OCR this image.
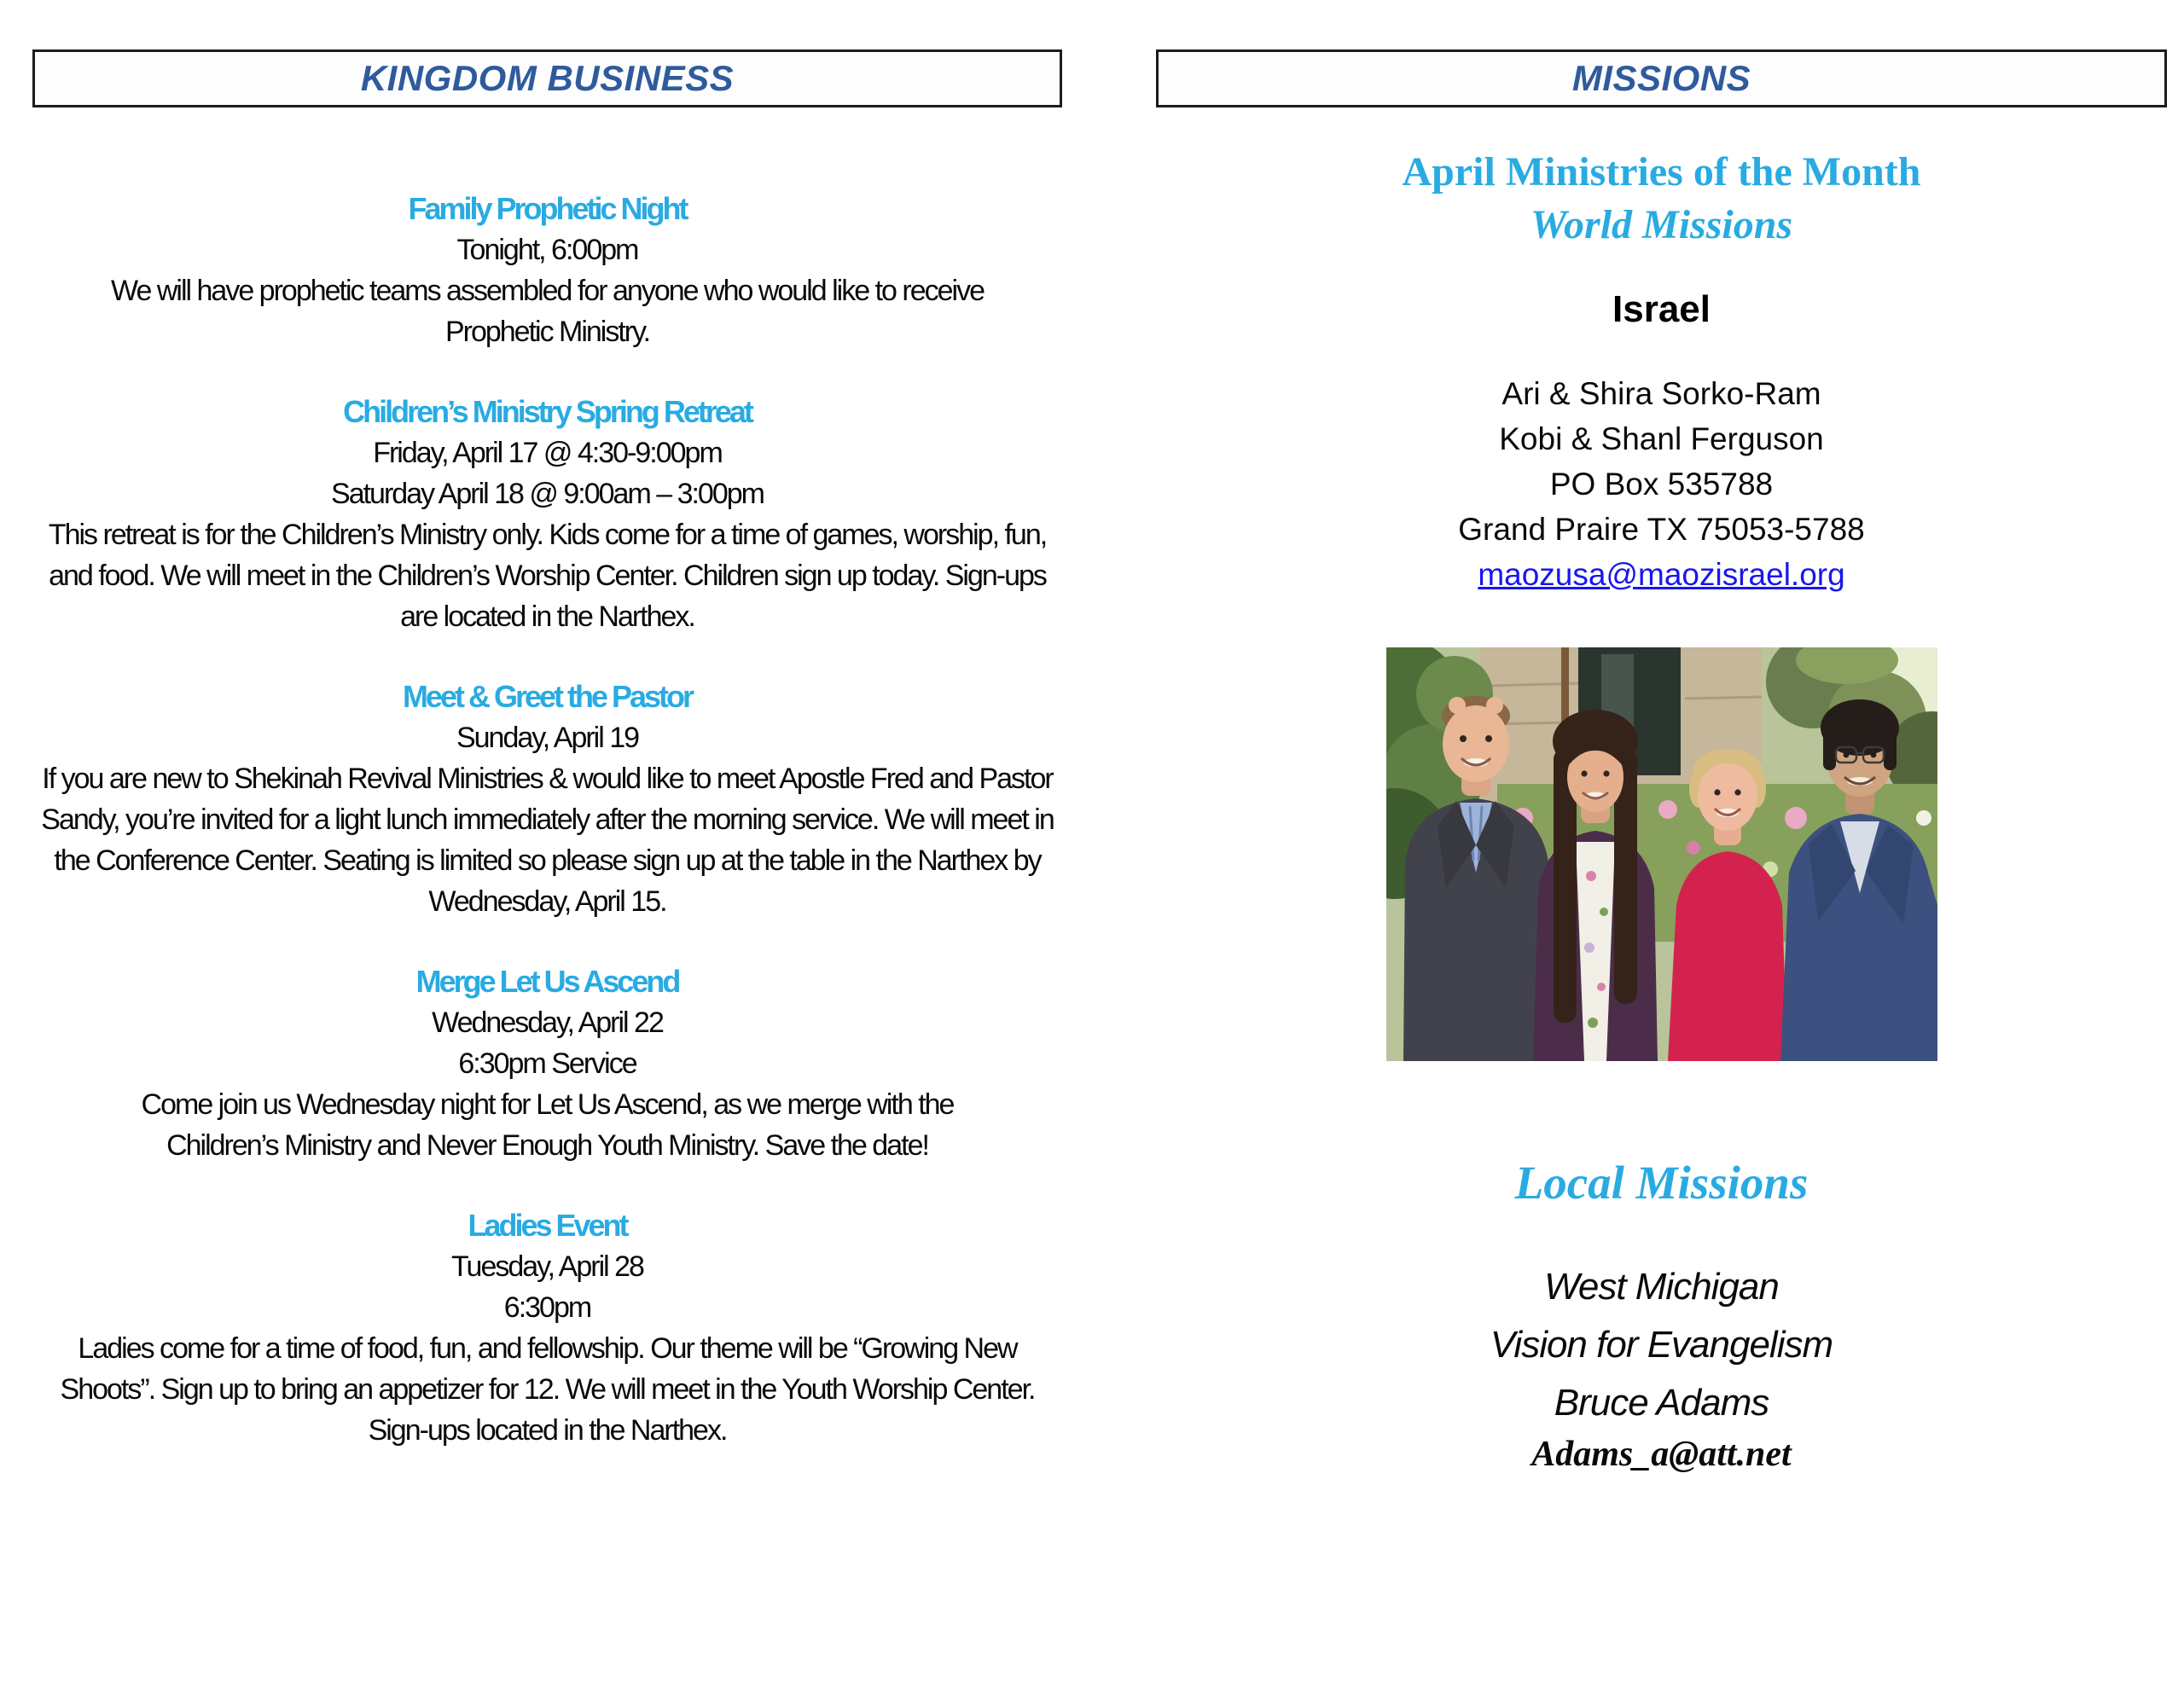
KINGDOM BUSINESS
Family Prophetic Night
Tonight, 6:00pm

We will have prophetic teams assembled for anyone who would like to receive Prophetic Ministry.

Children’s Ministry Spring Retreat
Friday, April 17 @ 4:30-9:00pm
Saturday April 18 @ 9:00am – 3:00pm

This retreat is for the Children’s Ministry only. Kids come for a time of games, worship, fun, and food. We will meet in the Children’s Worship Center. Children sign up today. Sign-ups are located in the Narthex.

Meet & Greet the Pastor
Sunday, April 19

If you are new to Shekinah Revival Ministries & would like to meet Apostle Fred and Pastor Sandy, you’re invited for a light lunch immediately after the morning service. We will meet in the Conference Center. Seating is limited so please sign up at the table in the Narthex by Wednesday, April 15.

Merge Let Us Ascend
Wednesday, April 22
6:30pm Service

Come join us Wednesday night for Let Us Ascend, as we merge with the Children’s Ministry and Never Enough Youth Ministry. Save the date!

Ladies Event
Tuesday, April 28
6:30pm

Ladies come for a time of food, fun, and fellowship. Our theme will be “Growing New Shoots”. Sign up to bring an appetizer for 12. We will meet in the Youth Worship Center. Sign-ups located in the Narthex.

MISSIONS
April Ministries of the Month
World Missions
Israel
Ari & Shira Sorko-Ram
Kobi & Shanl Ferguson
PO Box 535788
Grand Praire TX 75053-5788
maozusa@maozisrael.org
Local Missions
West Michigan
Vision for Evangelism
Bruce Adams
Adams_a@att.net
